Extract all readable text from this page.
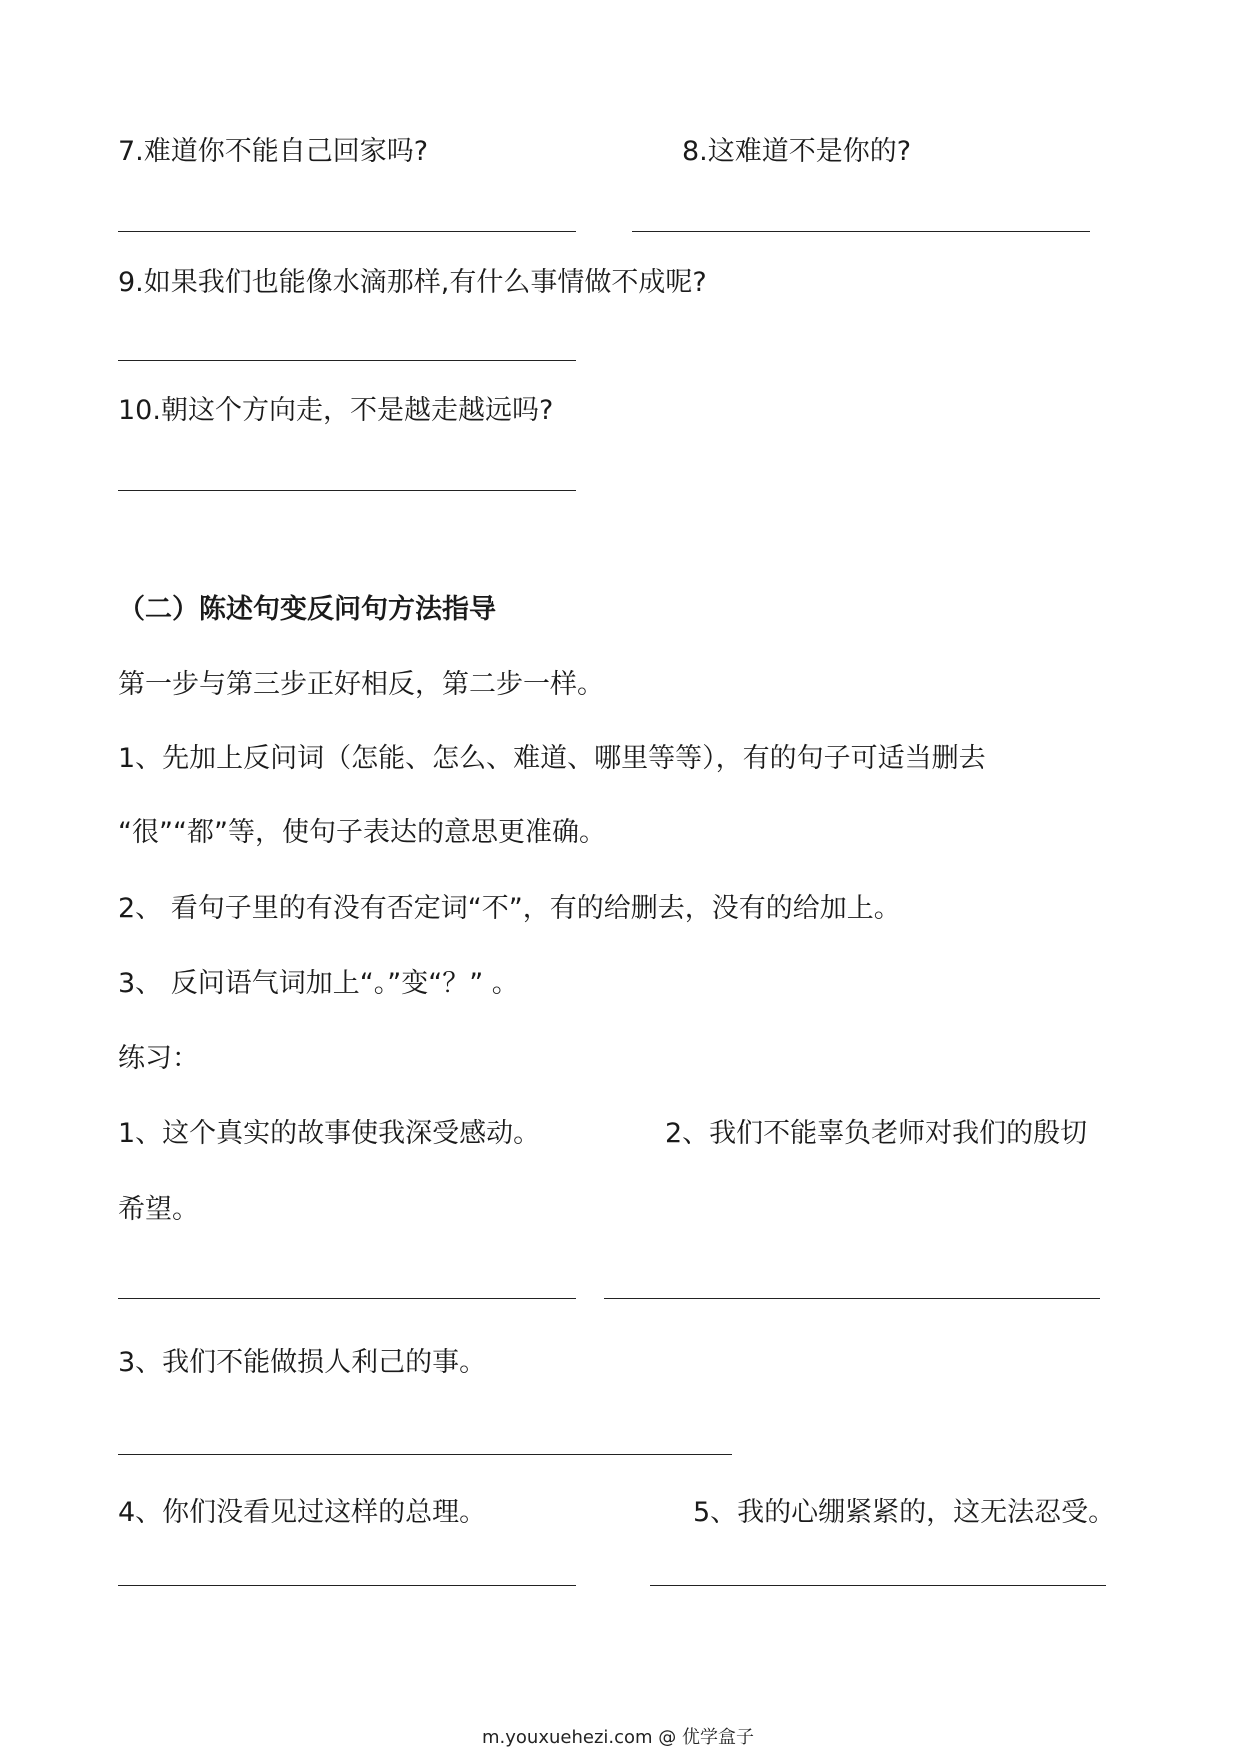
7.难道你不能自己回家吗?	8.这难道不是你的?
9.如果我们也能像水滴那样,有什么事情做不成呢?
10.朝这个方向走，不是越走越远吗?
（二）陈述句变反问句方法指导
第一步与第三步正好相反，第二步一样。
1、先加上反问词（怎能、怎么、难道、哪里等等），有的句子可适当删去
“很”“都”等，使句子表达的意思更准确。
2、 看句子里的有没有否定词“不”，有的给删去，没有的给加上。
3、 反问语气词加上“。”变“？” 。
练习：
1、这个真实的故事使我深受感动。	2、我们不能辜负老师对我们的殷切
希望。
3、我们不能做损人利己的事。
4、你们没看见过这样的总理。	5、我的心绷紧紧的，这无法忍受。
m.youxuehezi.com @ 优学盒子
